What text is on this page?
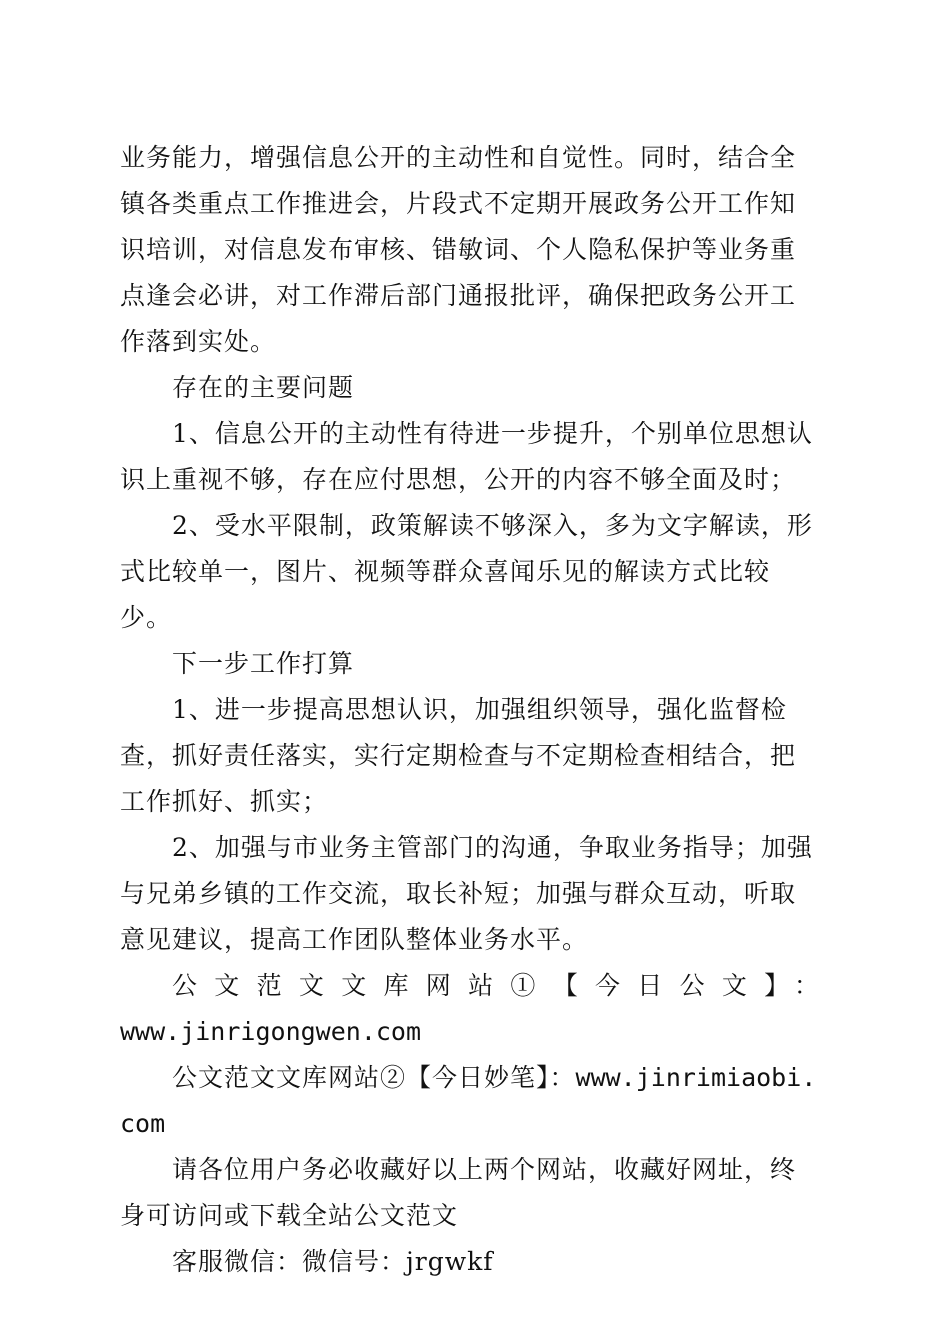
业务能力，增强信息公开的主动性和自觉性。同时，结合全镇各类重点工作推进会，片段式不定期开展政务公开工作知识培训，对信息发布审核、错敏词、个人隐私保护等业务重点逢会必讲，对工作滞后部门通报批评，确保把政务公开工作落到实处。

存在的主要问题

1、信息公开的主动性有待进一步提升，个别单位思想认识上重视不够，存在应付思想，公开的内容不够全面及时；

2、受水平限制，政策解读不够深入，多为文字解读，形式比较单一，图片、视频等群众喜闻乐见的解读方式比较少。

下一步工作打算

1、进一步提高思想认识，加强组织领导，强化监督检查，抓好责任落实，实行定期检查与不定期检查相结合，把工作抓好、抓实；

2、加强与市业务主管部门的沟通，争取业务指导；加强与兄弟乡镇的工作交流，取长补短；加强与群众互动，听取意见建议，提高工作团队整体业务水平。

公文范文文库网站①【今日公文】：

www.jinrigongwen.com

公文范文文库网站②【今日妙笔】：www.jinrimiaobi.com

请各位用户务必收藏好以上两个网站，收藏好网址，终身可访问或下载全站公文范文

客服微信：微信号：jrgwkf
